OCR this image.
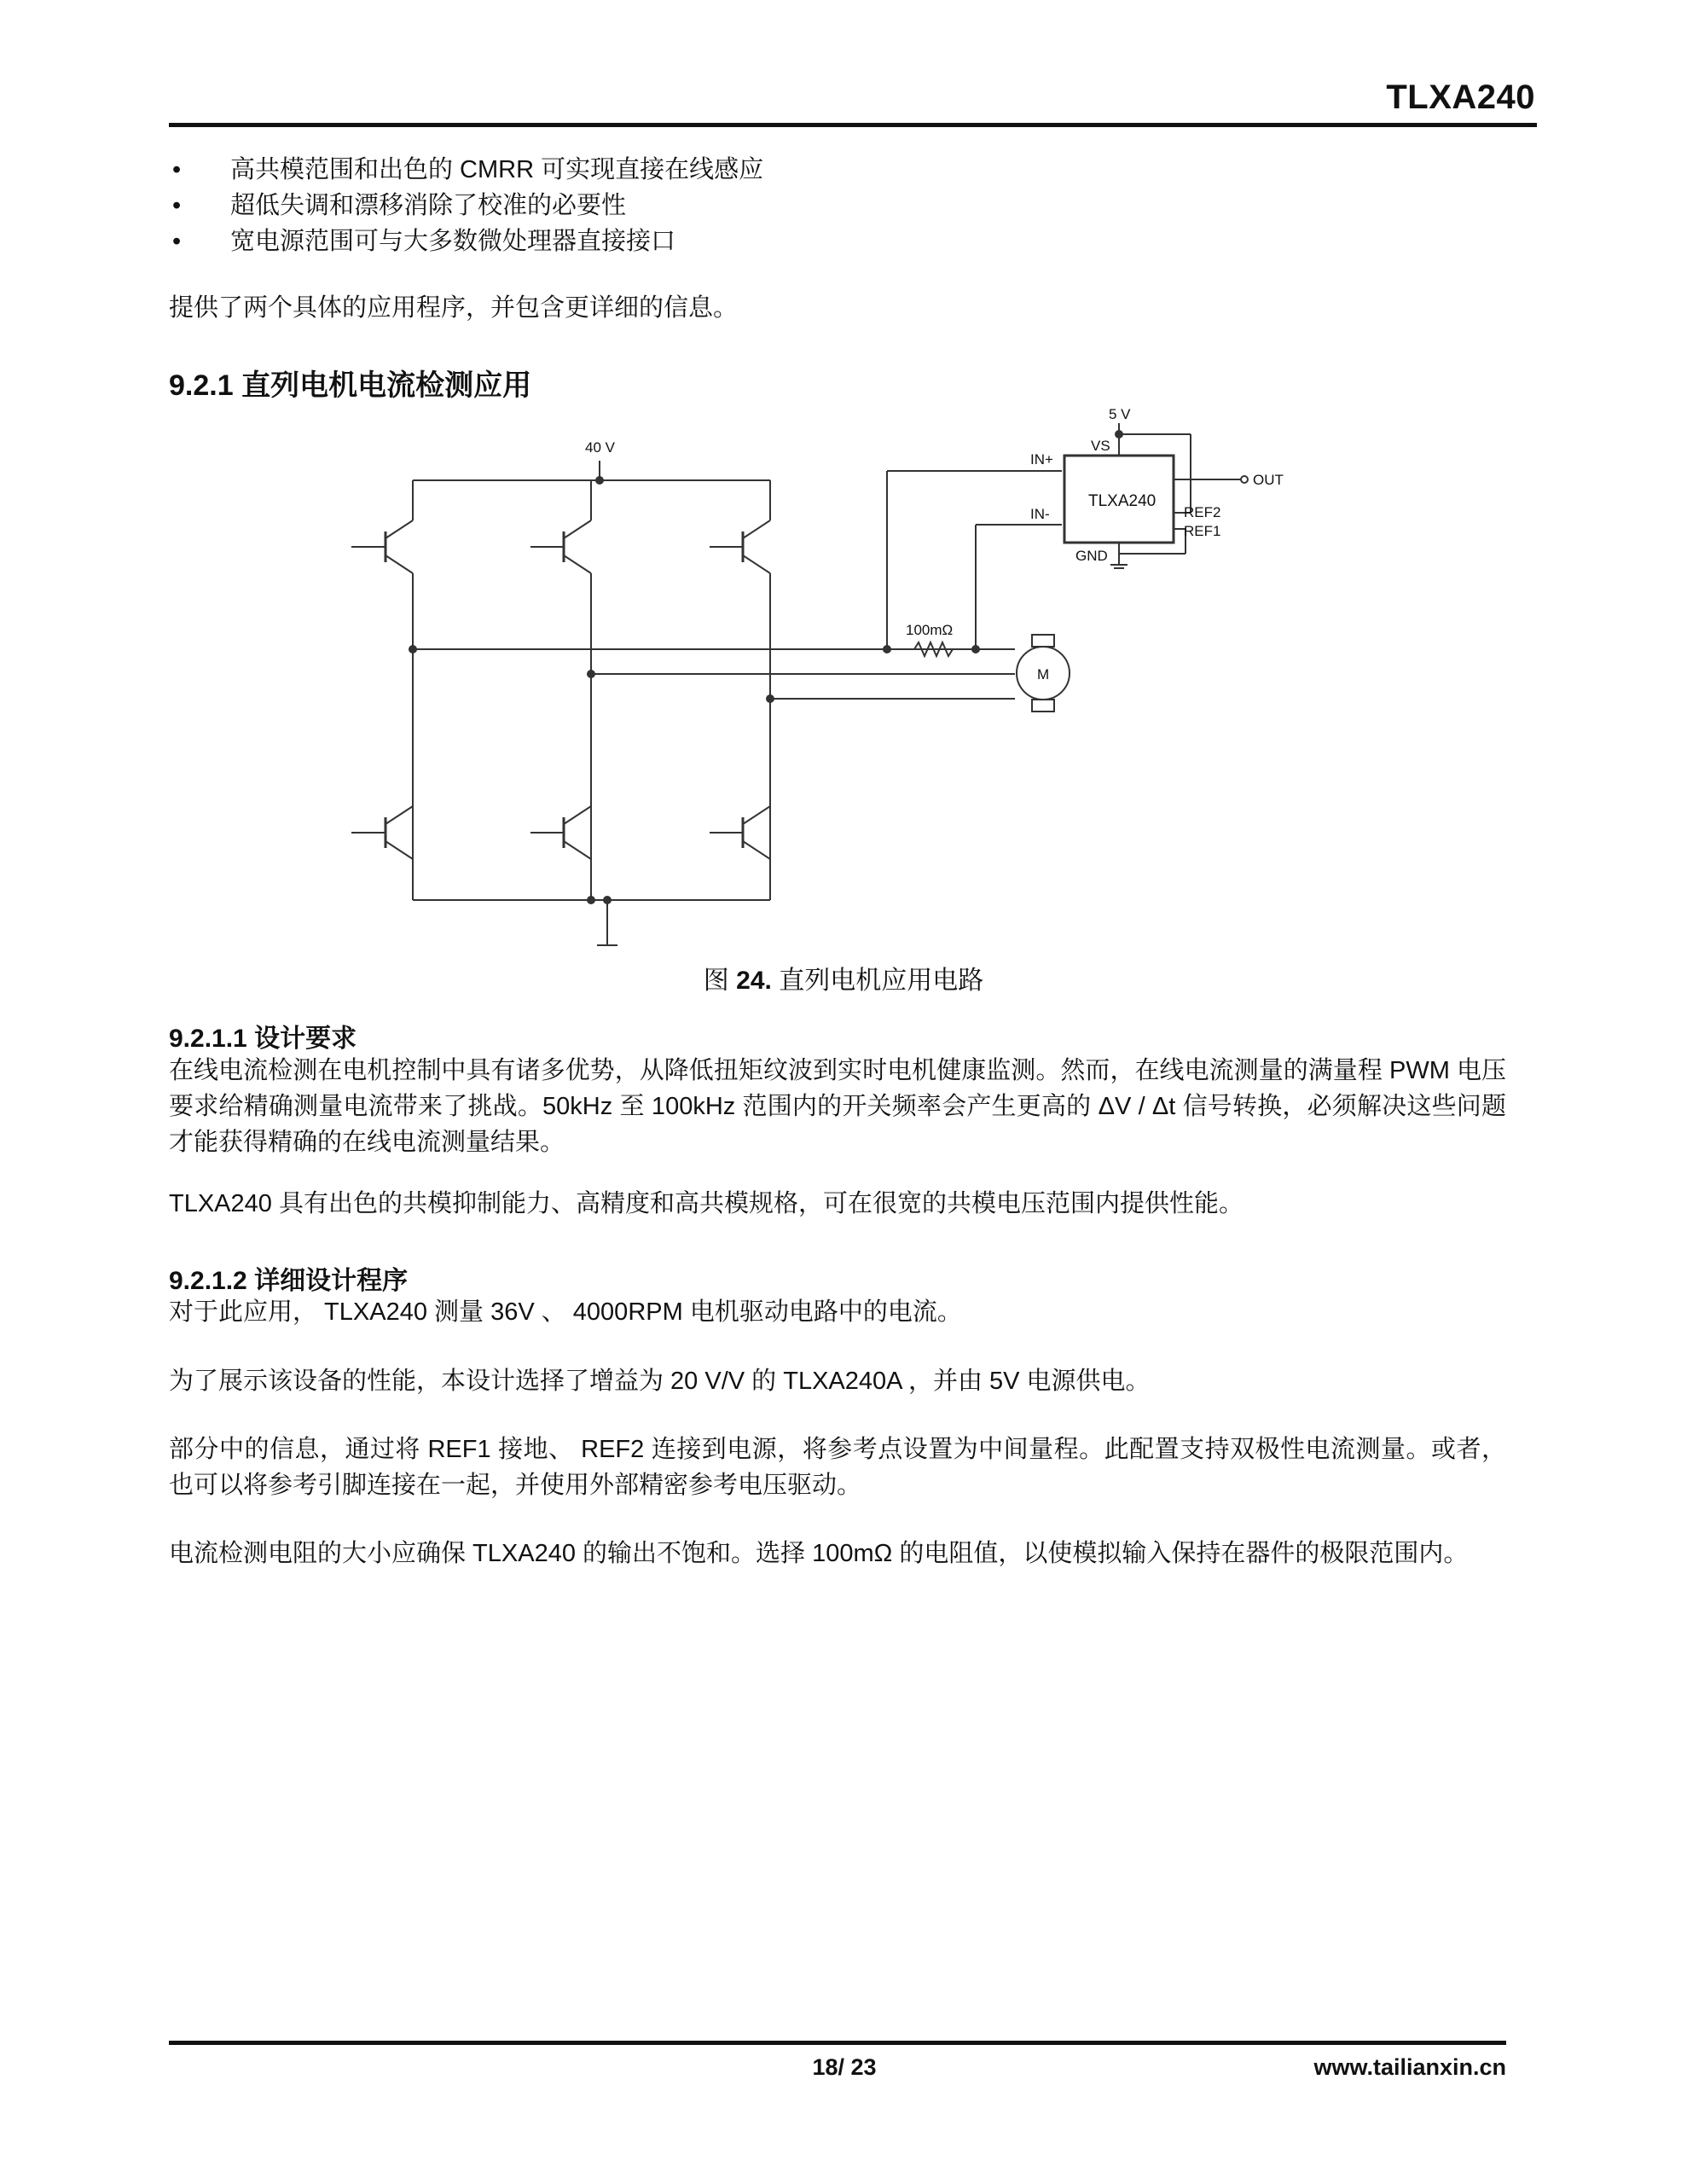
TLXA240
• 高共模范围和出色的 CMRR 可实现直接在线感应
• 超低失调和漂移消除了校准的必要性
• 宽电源范围可与大多数微处理器直接接口

提供了两个具体的应用程序，并包含更详细的信息。

9.2.1 直列电机电流检测应用
40 V
100mΩ
M
IN+
IN-
TLXA240
5 V
VS
GND
OUT
REF2
REF1
图 24. 直列电机应用电路
9.2.1.1 设计要求

在线电流检测在电机控制中具有诸多优势，从降低扭矩纹波到实时电机健康监测。然而，在线电流测量的满量程 PWM 电压要求给精确测量电流带来了挑战。50kHz 至 100kHz 范围内的开关频率会产生更高的 ΔV / Δt 信号转换，必须解决这些问题才能获得精确的在线电流测量结果。

TLXA240 具有出色的共模抑制能力、高精度和高共模规格，可在很宽的共模电压范围内提供性能。

9.2.1.2 详细设计程序

对于此应用， TLXA240 测量 36V 、 4000RPM 电机驱动电路中的电流。

为了展示该设备的性能，本设计选择了增益为 20 V/V 的 TLXA240A ，并由 5V 电源供电。

部分中的信息，通过将 REF1 接地、 REF2 连接到电源，将参考点设置为中间量程。此配置支持双极性电流测量。或者，也可以将参考引脚连接在一起，并使用外部精密参考电压驱动。

电流检测电阻的大小应确保 TLXA240 的输出不饱和。选择 100mΩ 的电阻值，以使模拟输入保持在器件的极限范围内。

18/ 23	www.tailianxin.cn
